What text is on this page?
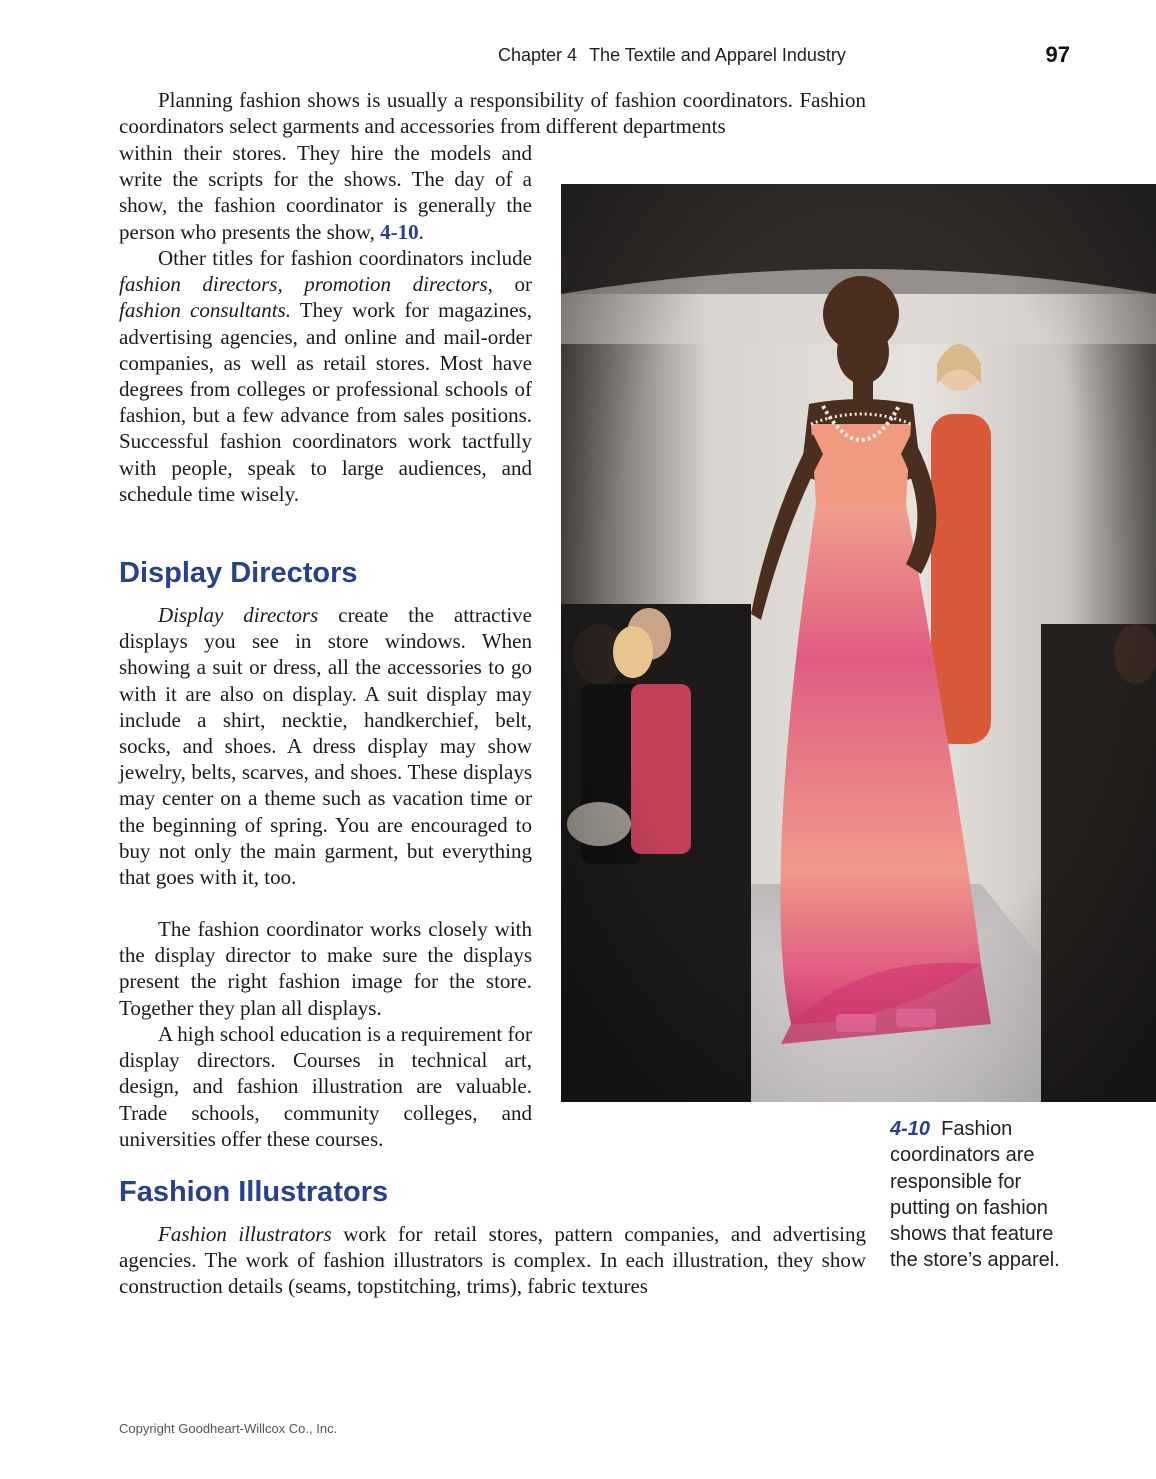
Chapter 4 The Textile and Apparel Industry	97

Planning fashion shows is usually a responsibility of fashion coordinators. Fashion coordinators select garments and accessories from different departments

within their stores. They hire the models and write the scripts for the shows. The day of a show, the fashion coordinator is generally the person who presents the show, 4-10.

Other titles for fashion coordinators include fashion directors, promotion directors, or fashion consultants. They work for magazines, advertising agencies, and online and mail-order companies, as well as retail stores. Most have degrees from colleges or professional schools of fashion, but a few advance from sales positions. Successful fashion coordinators work tactfully with people, speak to large audiences, and schedule time wisely.

Display Directors

Display directors create the attractive displays you see in store windows. When showing a suit or dress, all the accessories to go with it are also on display. A suit display may include a shirt, necktie, handkerchief, belt, socks, and shoes. A dress display may show jewelry, belts, scarves, and shoes. These displays may center on a theme such as vacation time or the beginning of spring. You are encouraged to buy not only the main garment, but everything that goes with it, too.

The fashion coordinator works closely with the display director to make sure the displays present the right fashion image for the store. Together they plan all displays.

A high school education is a requirement for display directors. Courses in technical art, design, and fashion illustration are valuable. Trade schools, community colleges, and universities offer these courses.

Fashion Illustrators

Fashion illustrators work for retail stores, pattern companies, and advertising agencies. The work of fashion illustrators is complex. In each illustration, they show construction details (seams, topstitching, trims), fabric textures

4-10 Fashion coordinators are responsible for putting on fashion shows that feature the store’s apparel.
Copyright Goodheart-Willcox Co., Inc.
